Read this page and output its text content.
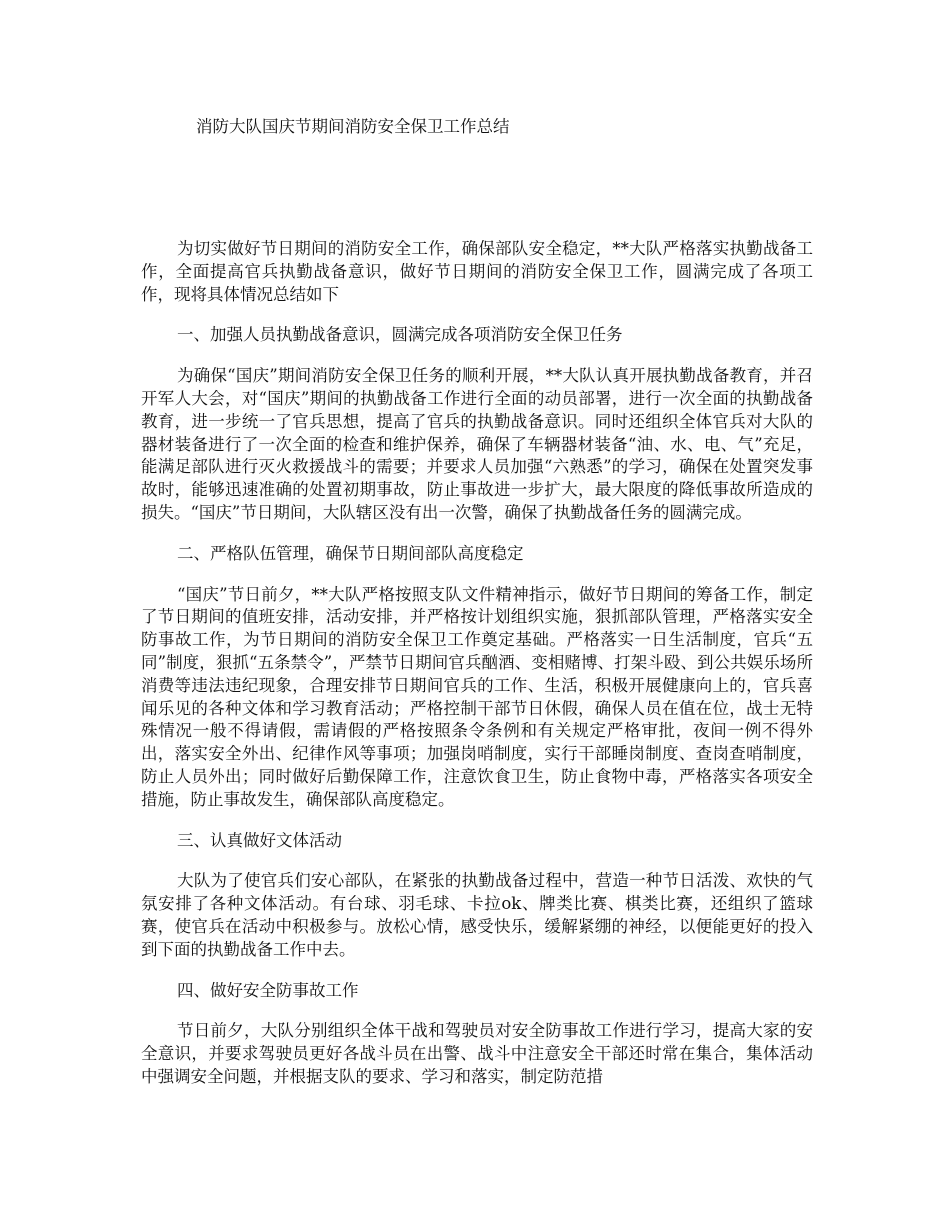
消防大队国庆节期间消防安全保卫工作总结

为切实做好节日期间的消防安全工作，确保部队安全稳定，**大队严格落实执勤战备工作，全面提高官兵执勤战备意识，做好节日期间的消防安全保卫工作，圆满完成了各项工作，现将具体情况总结如下

一、加强人员执勤战备意识，圆满完成各项消防安全保卫任务

为确保“国庆”期间消防安全保卫任务的顺利开展，**大队认真开展执勤战备教育，并召开军人大会，对“国庆”期间的执勤战备工作进行全面的动员部署，进行一次全面的执勤战备教育，进一步统一了官兵思想，提高了官兵的执勤战备意识。同时还组织全体官兵对大队的器材装备进行了一次全面的检查和维护保养，确保了车辆器材装备“油、水、电、气”充足，能满足部队进行灭火救援战斗的需要；并要求人员加强“六熟悉”的学习，确保在处置突发事故时，能够迅速准确的处置初期事故，防止事故进一步扩大，最大限度的降低事故所造成的损失。“国庆”节日期间，大队辖区没有出一次警，确保了执勤战备任务的圆满完成。

二、严格队伍管理，确保节日期间部队高度稳定

“国庆”节日前夕，**大队严格按照支队文件精神指示，做好节日期间的筹备工作，制定了节日期间的值班安排，活动安排，并严格按计划组织实施，狠抓部队管理，严格落实安全防事故工作，为节日期间的消防安全保卫工作奠定基础。严格落实一日生活制度，官兵“五同”制度，狠抓“五条禁令”，严禁节日期间官兵酗酒、变相赌博、打架斗殴、到公共娱乐场所消费等违法违纪现象，合理安排节日期间官兵的工作、生活，积极开展健康向上的，官兵喜闻乐见的各种文体和学习教育活动；严格控制干部节日休假，确保人员在值在位，战士无特殊情况一般不得请假，需请假的严格按照条令条例和有关规定严格审批，夜间一例不得外出，落实安全外出、纪律作风等事项；加强岗哨制度，实行干部睡岗制度、查岗查哨制度，防止人员外出；同时做好后勤保障工作，注意饮食卫生，防止食物中毒，严格落实各项安全措施，防止事故发生，确保部队高度稳定。

三、认真做好文体活动

大队为了使官兵们安心部队，在紧张的执勤战备过程中，营造一种节日活泼、欢快的气氛安排了各种文体活动。有台球、羽毛球、卡拉ok、牌类比赛、棋类比赛，还组织了篮球赛，使官兵在活动中积极参与。放松心情，感受快乐，缓解紧绷的神经，以便能更好的投入到下面的执勤战备工作中去。

四、做好安全防事故工作

节日前夕，大队分别组织全体干战和驾驶员对安全防事故工作进行学习，提高大家的安全意识，并要求驾驶员更好各战斗员在出警、战斗中注意安全干部还时常在集合，集体活动中强调安全问题，并根据支队的要求、学习和落实，制定防范措
